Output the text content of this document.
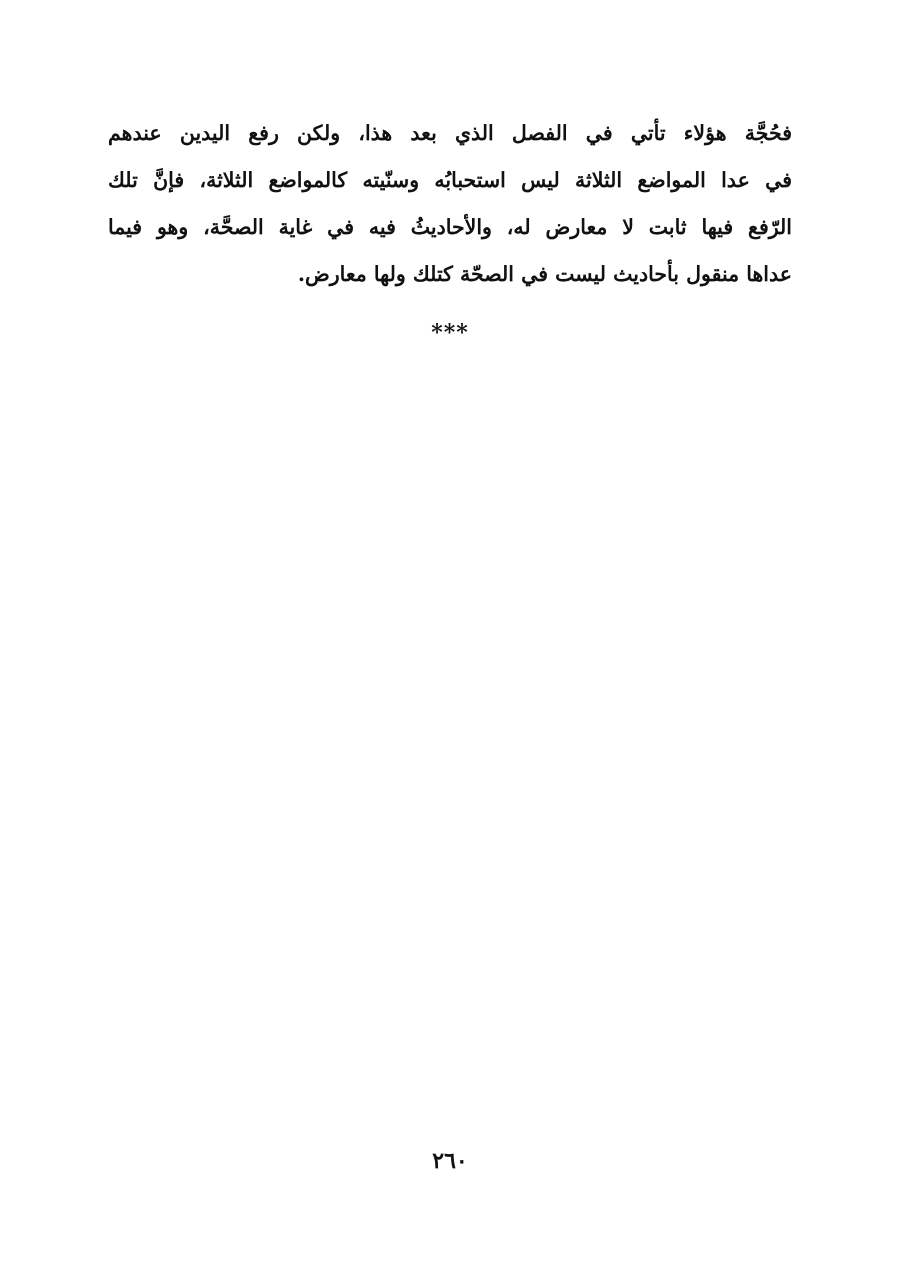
فحُجَّة هؤلاء تأتي في الفصل الذي بعد هذا، ولكن رفع اليدين عندهم
في عدا المواضع الثلاثة ليس استحبابُه وسنّيته كالمواضع الثلاثة، فإنَّ تلك
الرّفع فيها ثابت لا معارض له، والأحاديثُ فيه في غاية الصحَّة، وهو فيما
عداها منقول بأحاديث ليست في الصحّة كتلك ولها معارض.
***
٢٦٠
